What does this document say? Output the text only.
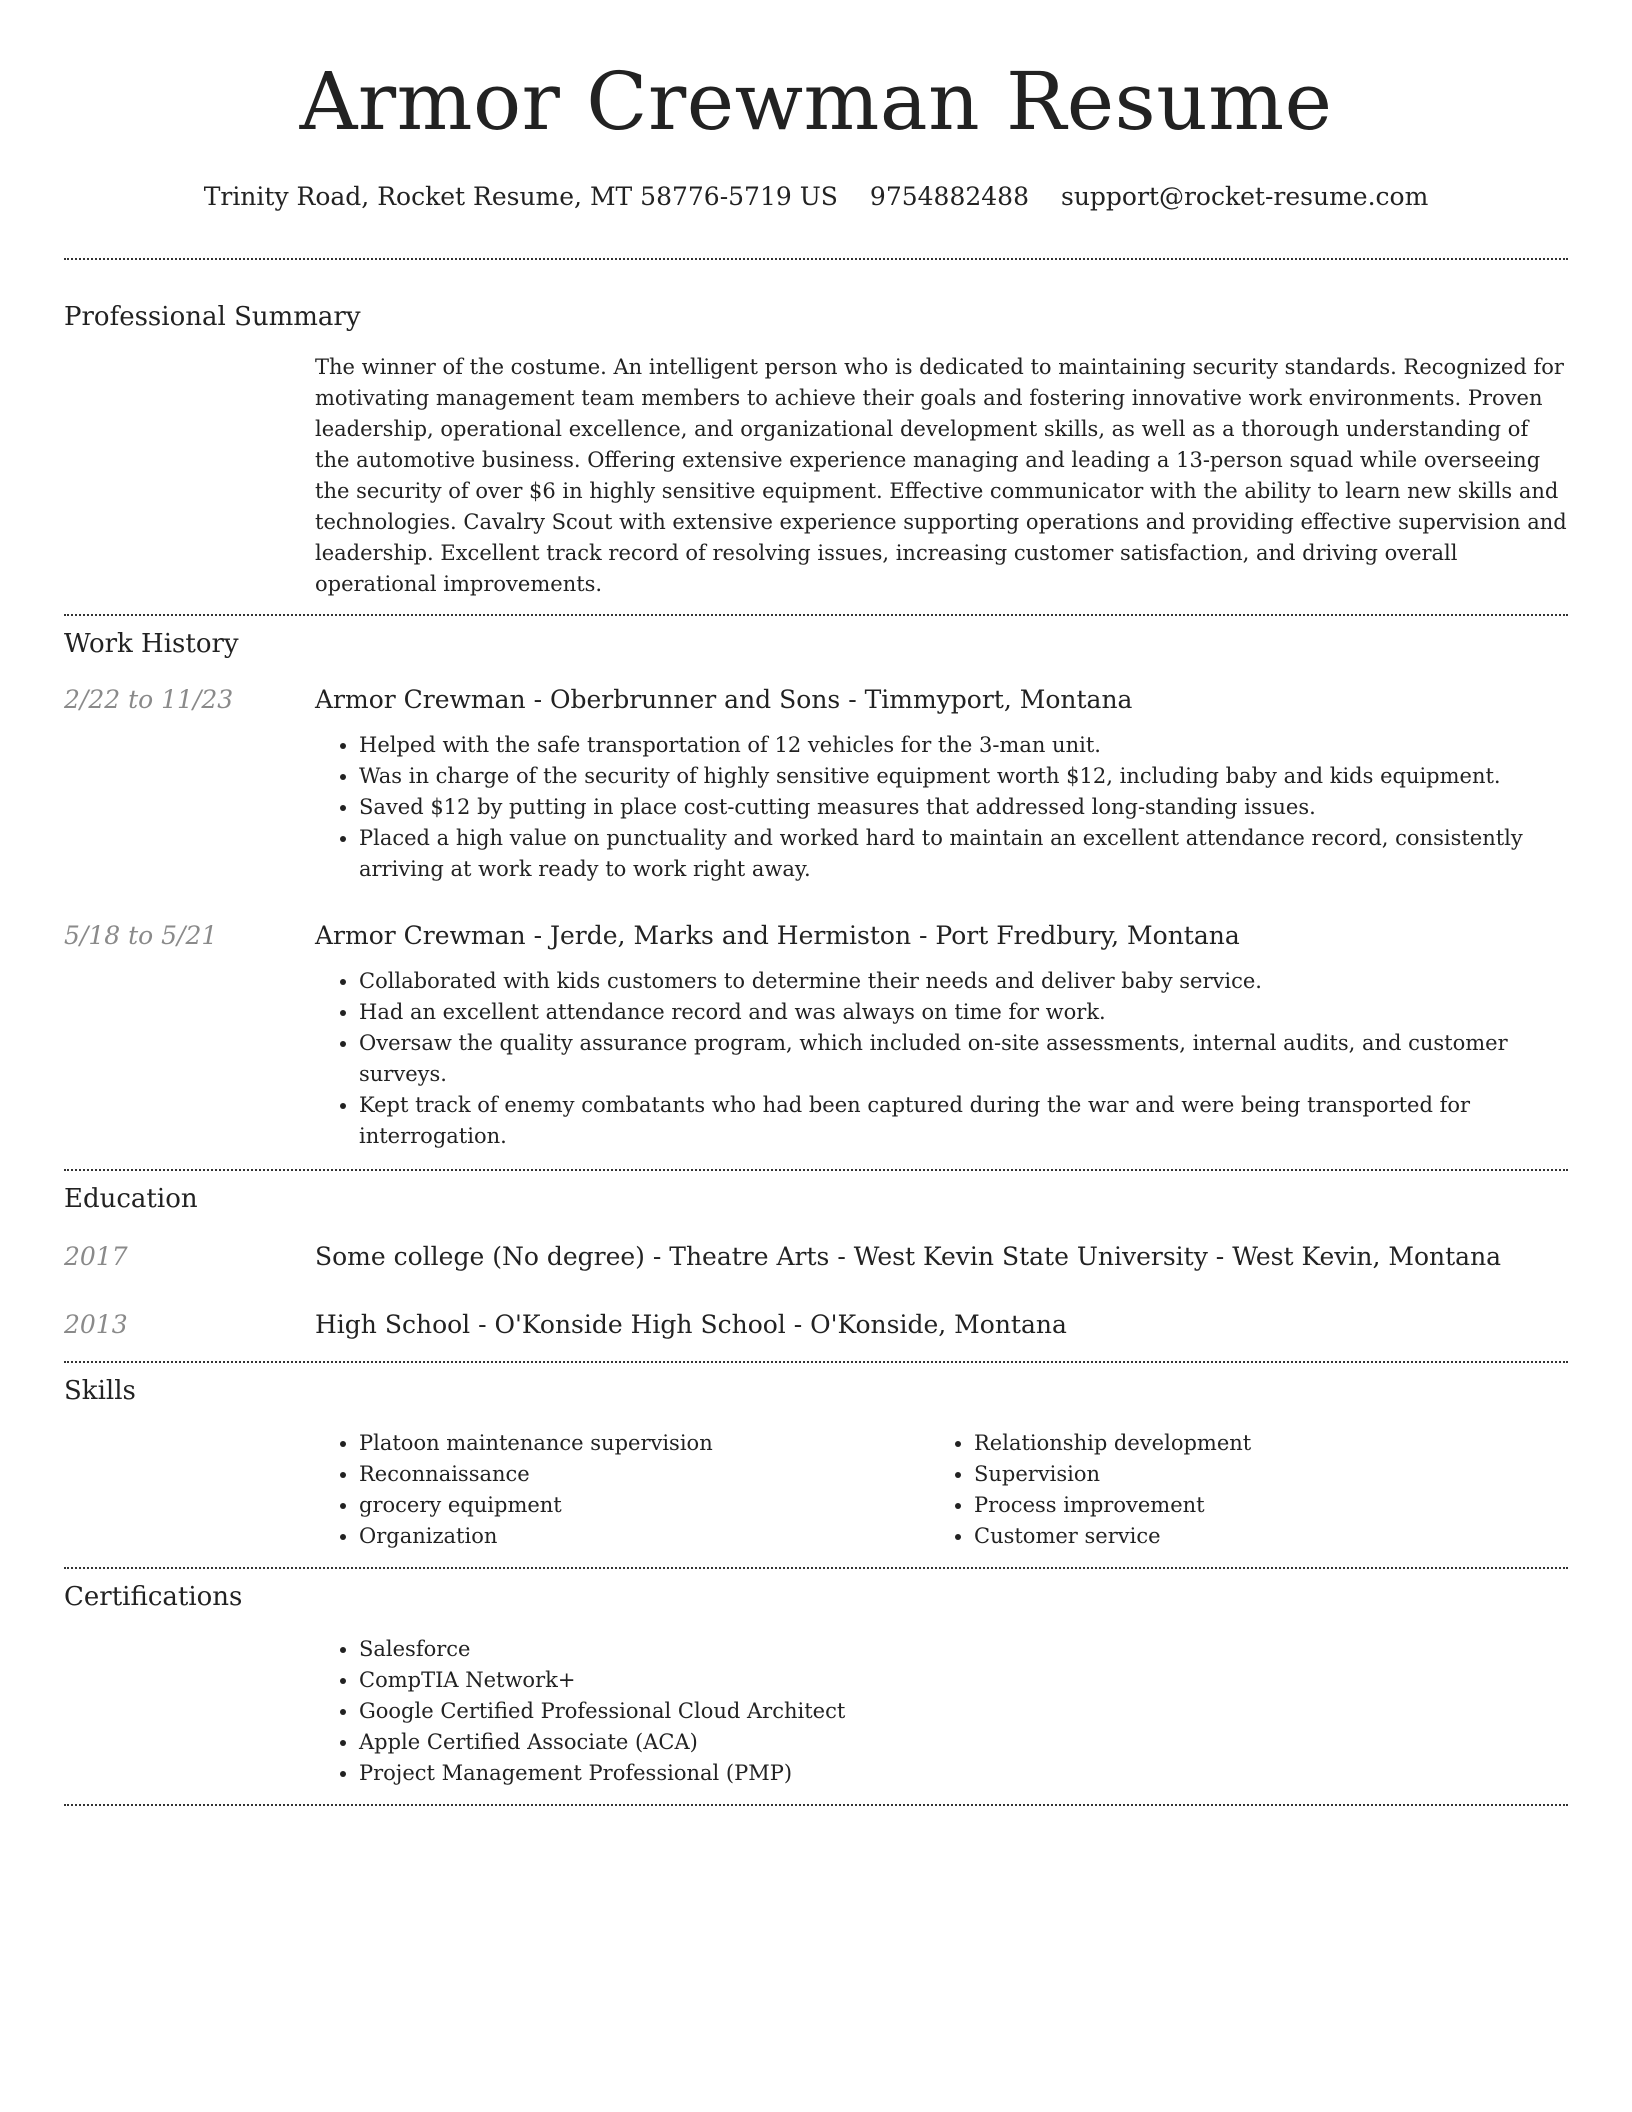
Armor Crewman Resume
Trinity Road, Rocket Resume, MT 58776-5719 US 9754882488 support@rocket-resume.com
Professional Summary
The winner of the costume. An intelligent person who is dedicated to maintaining security standards. Recognized for motivating management team members to achieve their goals and fostering innovative work environments. Proven leadership, operational excellence, and organizational development skills, as well as a thorough understanding of the automotive business. Offering extensive experience managing and leading a 13-person squad while overseeing the security of over $6 in highly sensitive equipment. Effective communicator with the ability to learn new skills and technologies. Cavalry Scout with extensive experience supporting operations and providing effective supervision and leadership. Excellent track record of resolving issues, increasing customer satisfaction, and driving overall operational improvements.
Work History
2/22 to 11/23	Armor Crewman - Oberbrunner and Sons - Timmyport, Montana
• Helped with the safe transportation of 12 vehicles for the 3-man unit.
• Was in charge of the security of highly sensitive equipment worth $12, including baby and kids equipment.
• Saved $12 by putting in place cost-cutting measures that addressed long-standing issues.
• Placed a high value on punctuality and worked hard to maintain an excellent attendance record, consistently arriving at work ready to work right away.
5/18 to 5/21	Armor Crewman - Jerde, Marks and Hermiston - Port Fredbury, Montana
• Collaborated with kids customers to determine their needs and deliver baby service.
• Had an excellent attendance record and was always on time for work.
• Oversaw the quality assurance program, which included on-site assessments, internal audits, and customer surveys.
• Kept track of enemy combatants who had been captured during the war and were being transported for interrogation.
Education
2017	Some college (No degree) - Theatre Arts - West Kevin State University - West Kevin, Montana
2013	High School - O'Konside High School - O'Konside, Montana
Skills
• Platoon maintenance supervision
• Reconnaissance
• grocery equipment
• Organization
• Relationship development
• Supervision
• Process improvement
• Customer service
Certifications
• Salesforce
• CompTIA Network+
• Google Certified Professional Cloud Architect
• Apple Certified Associate (ACA)
• Project Management Professional (PMP)
